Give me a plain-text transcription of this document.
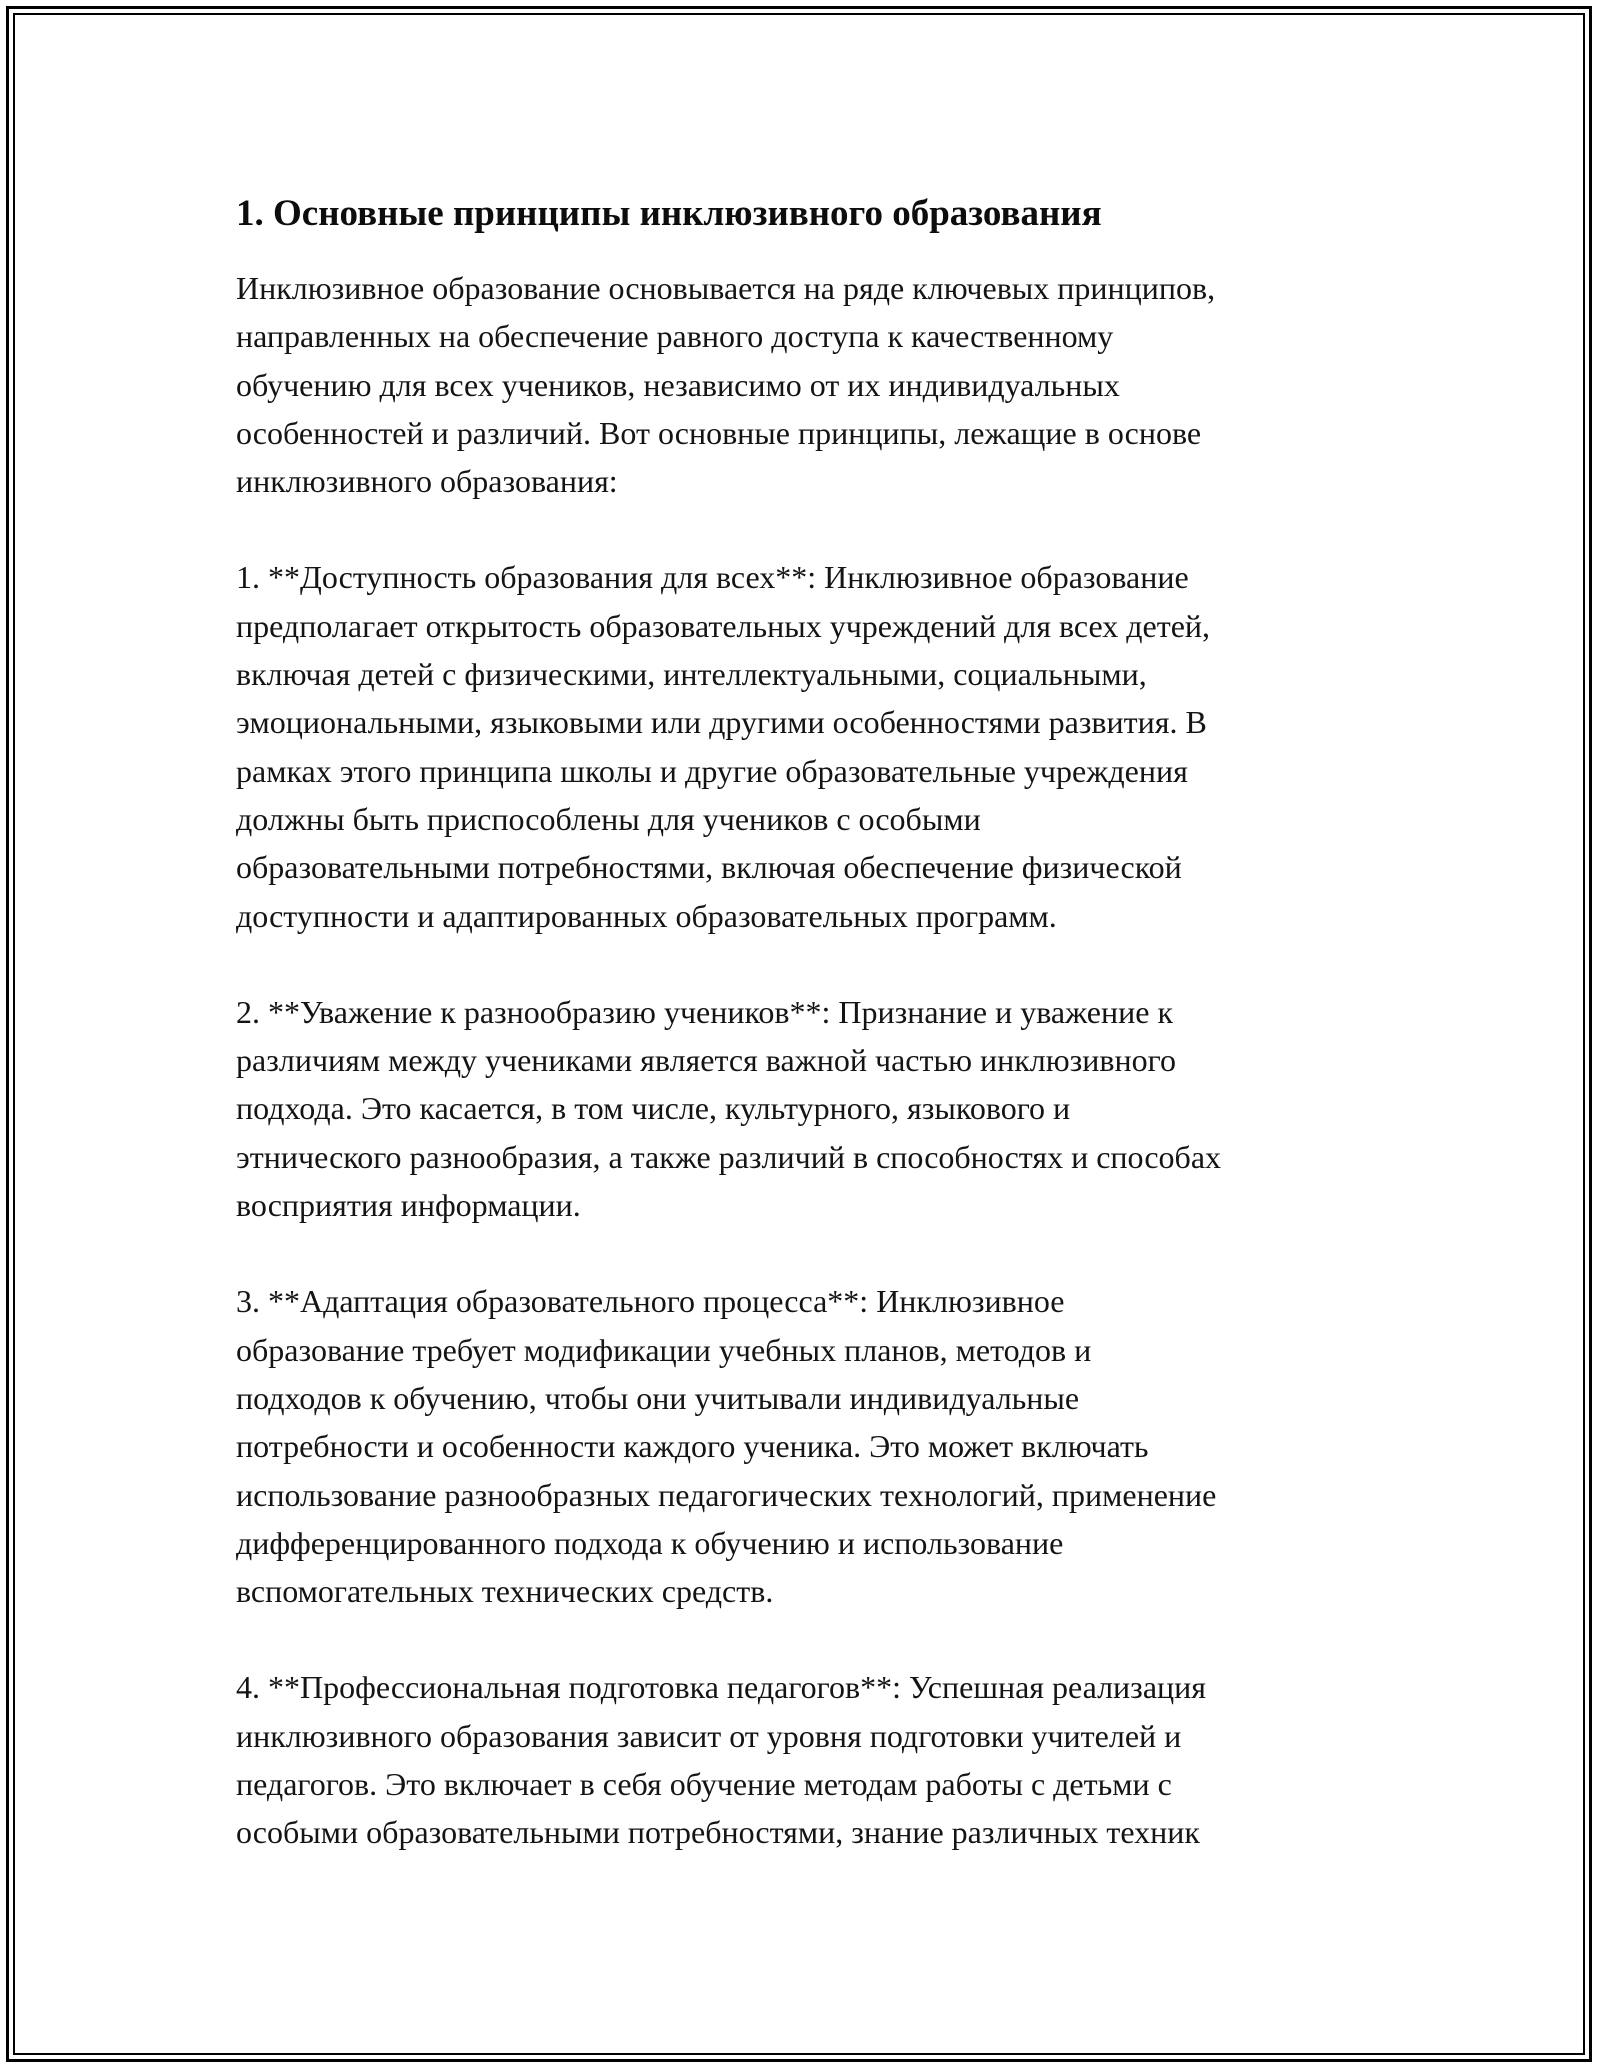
1. Основные принципы инклюзивного образования

Инклюзивное образование основывается на ряде ключевых принципов,
направленных на обеспечение равного доступа к качественному
обучению для всех учеников, независимо от их индивидуальных
особенностей и различий. Вот основные принципы, лежащие в основе
инклюзивного образования:

1. **Доступность образования для всех**: Инклюзивное образование
предполагает открытость образовательных учреждений для всех детей,
включая детей с физическими, интеллектуальными, социальными,
эмоциональными, языковыми или другими особенностями развития. В
рамках этого принципа школы и другие образовательные учреждения
должны быть приспособлены для учеников с особыми
образовательными потребностями, включая обеспечение физической
доступности и адаптированных образовательных программ.

2. **Уважение к разнообразию учеников**: Признание и уважение к
различиям между учениками является важной частью инклюзивного
подхода. Это касается, в том числе, культурного, языкового и
этнического разнообразия, а также различий в способностях и способах
восприятия информации.

3. **Адаптация образовательного процесса**: Инклюзивное
образование требует модификации учебных планов, методов и
подходов к обучению, чтобы они учитывали индивидуальные
потребности и особенности каждого ученика. Это может включать
использование разнообразных педагогических технологий, применение
дифференцированного подхода к обучению и использование
вспомогательных технических средств.

4. **Профессиональная подготовка педагогов**: Успешная реализация
инклюзивного образования зависит от уровня подготовки учителей и
педагогов. Это включает в себя обучение методам работы с детьми с
особыми образовательными потребностями, знание различных техник
